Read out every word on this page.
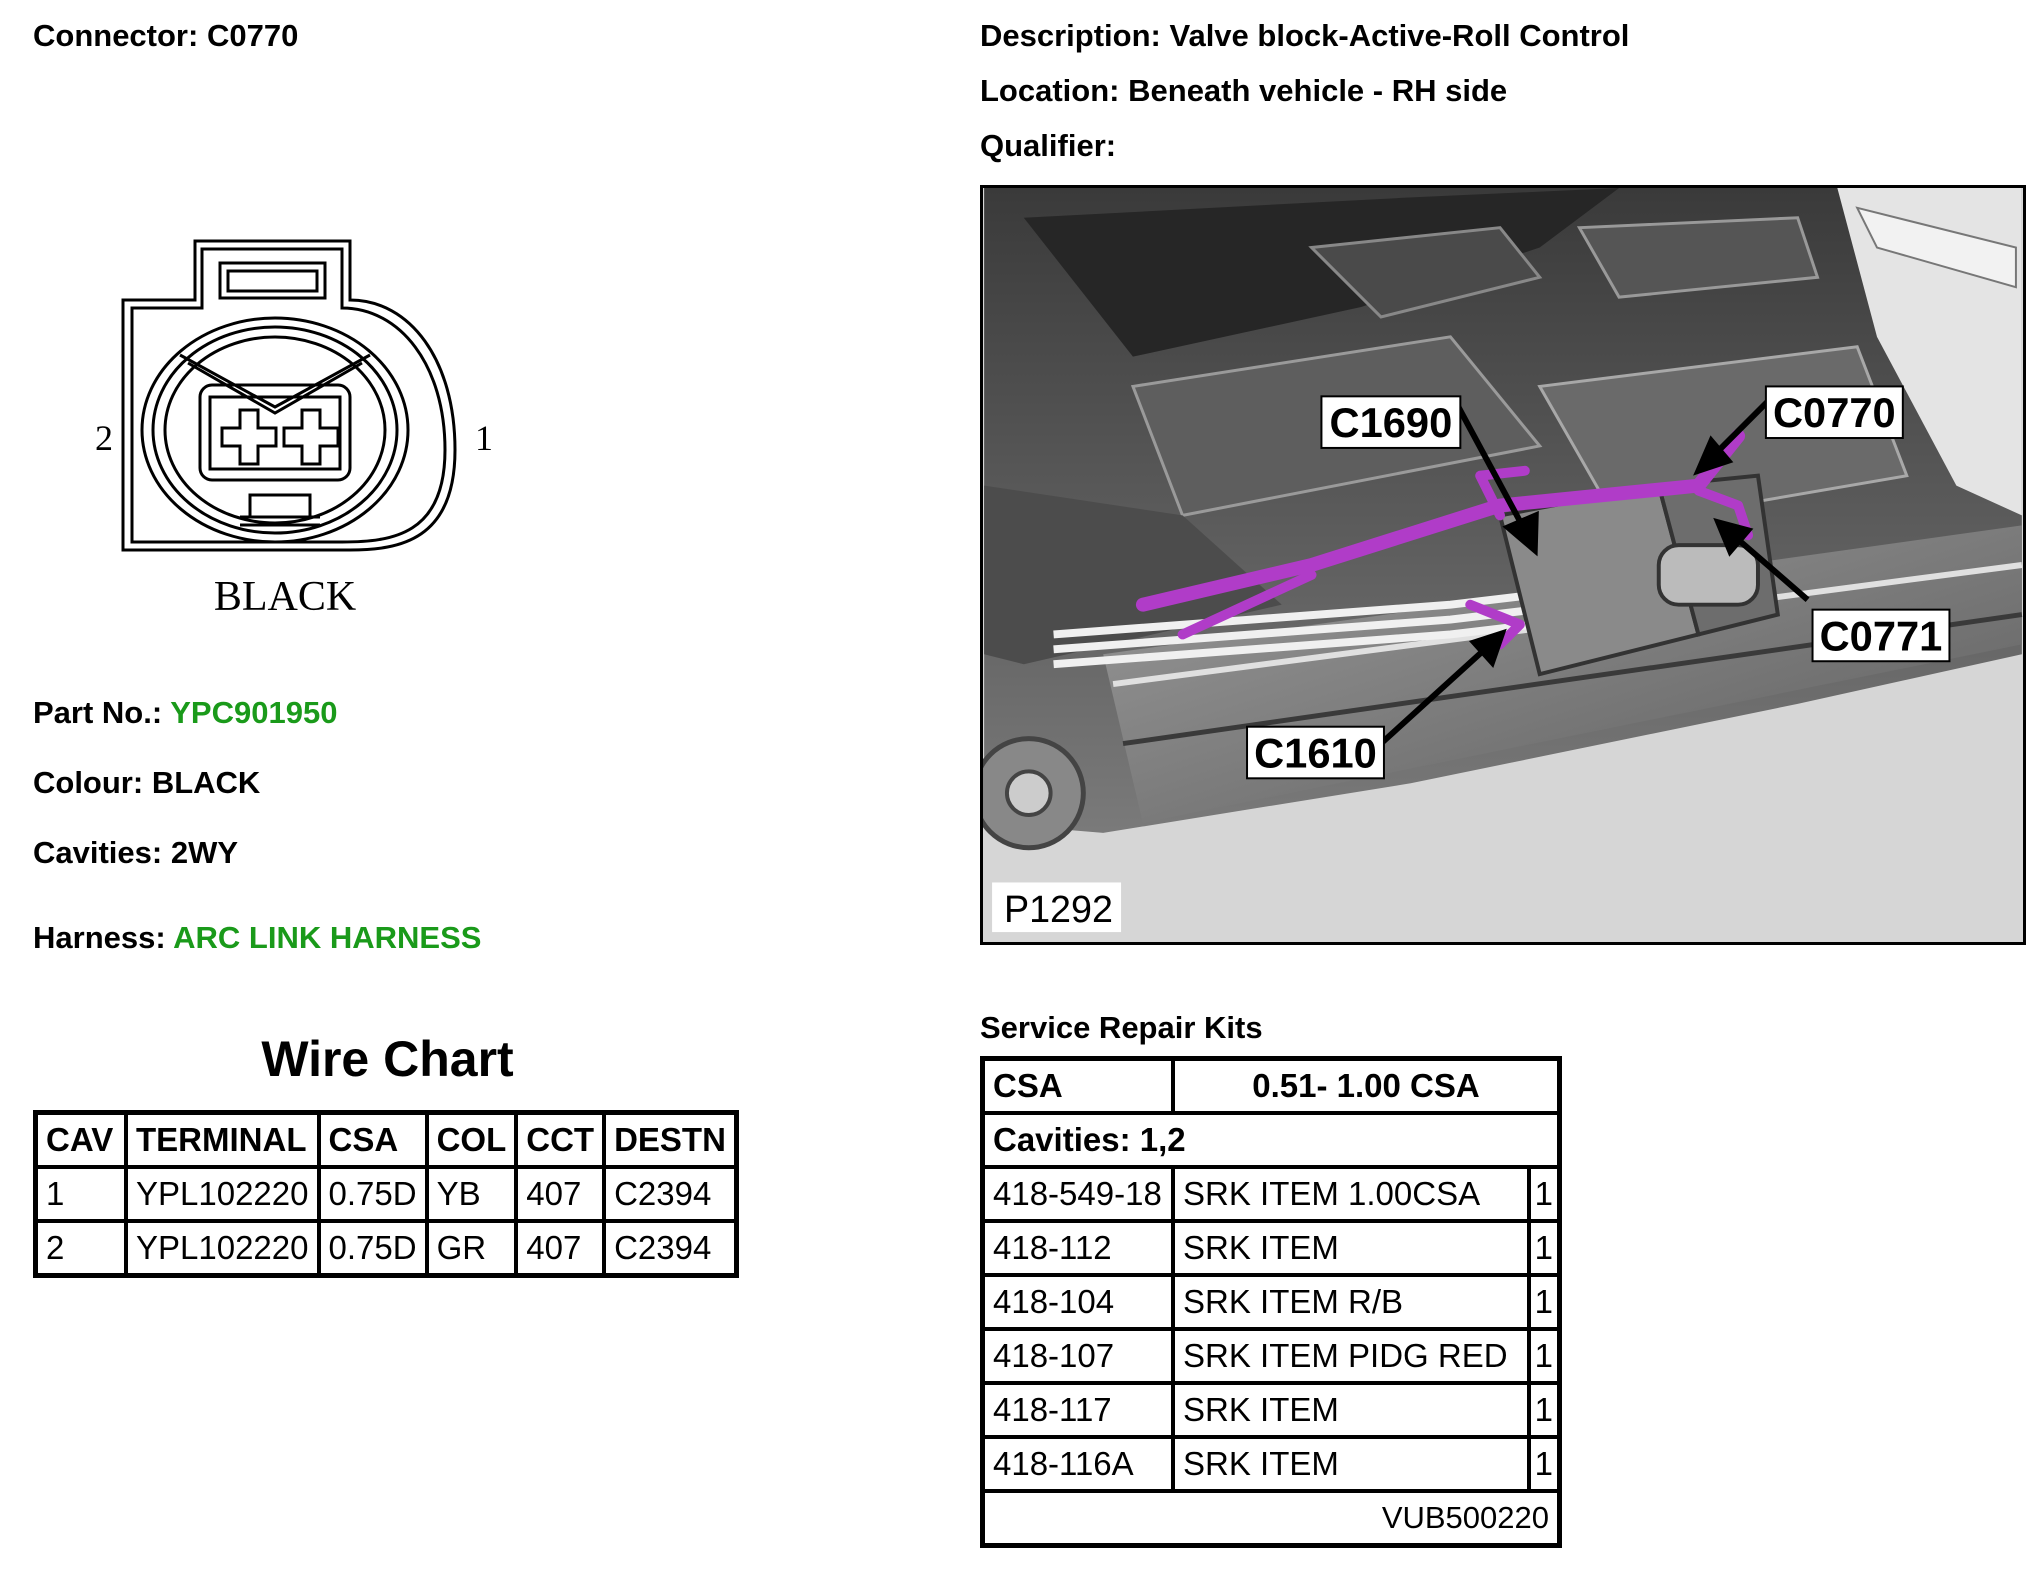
Connector: C0770	Description: Valve block-Active-Roll Control
Location: Beneath vehicle - RH side
Qualifier:
2	1
BLACK
Part No.: YPC901950
Colour: BLACK
Cavities: 2WY
Harness: ARC LINK HARNESS
Wire Chart
CAV	TERMINAL	CSA	COL	CCT	DESTN
1	YPL102220	0.75D	YB	407	C2394
2	YPL102220	0.75D	GR	407	C2394
C1690	C0770
C0771
C1610
P1292
Service Repair Kits
CSA	0.51- 1.00 CSA	
Cavities: 1,2		
418-549-18	SRK ITEM 1.00CSA	1
418-112	SRK ITEM	1
418-104	SRK ITEM R/B	1
418-107	SRK ITEM PIDG RED	1
418-117	SRK ITEM	1
418-116A	SRK ITEM	1
VUB500220		
